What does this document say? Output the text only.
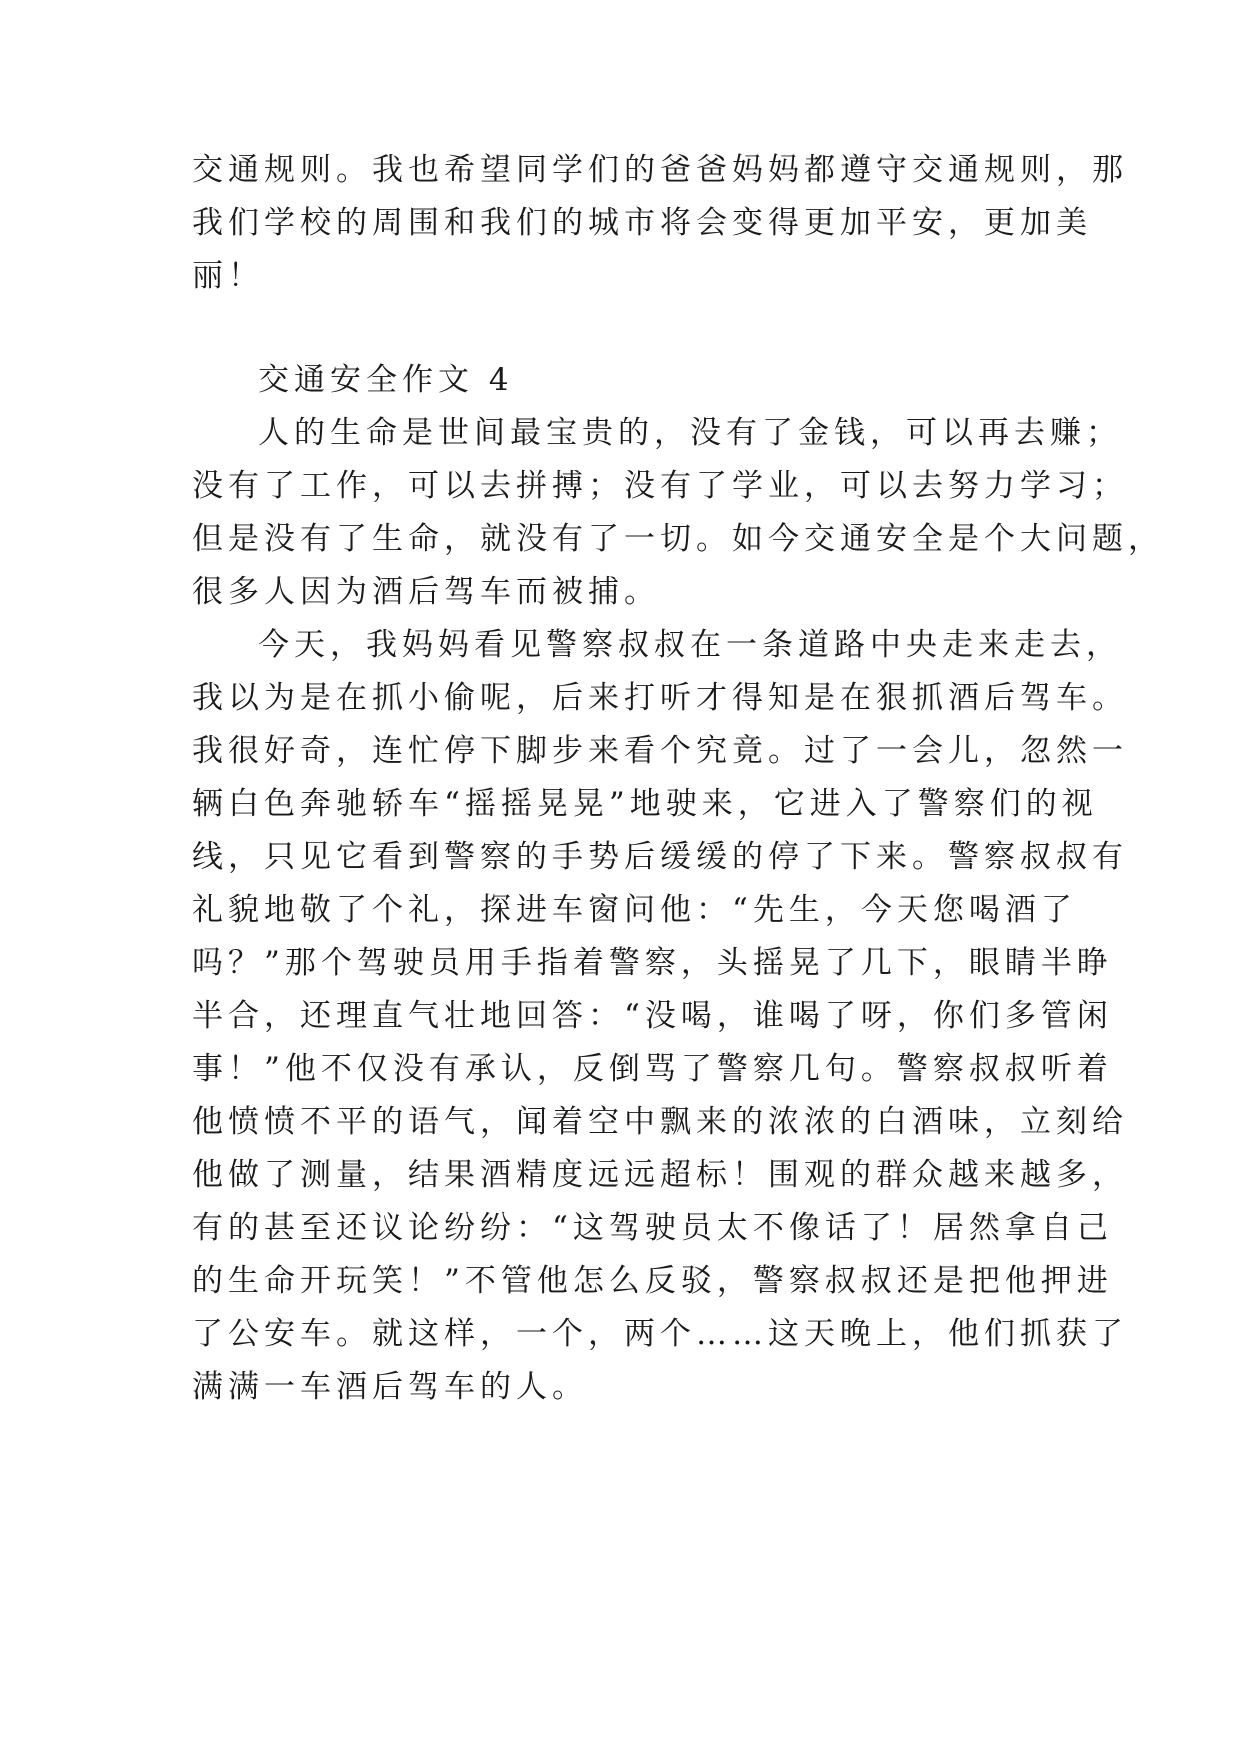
交通规则。我也希望同学们的爸爸妈妈都遵守交通规则，那

我们学校的周围和我们的城市将会变得更加平安，更加美

丽！

交通安全作文 4

人的生命是世间最宝贵的，没有了金钱，可以再去赚；

没有了工作，可以去拼搏；没有了学业，可以去努力学习；

但是没有了生命，就没有了一切。如今交通安全是个大问题，

很多人因为酒后驾车而被捕。

今天，我妈妈看见警察叔叔在一条道路中央走来走去，

我以为是在抓小偷呢，后来打听才得知是在狠抓酒后驾车。

我很好奇，连忙停下脚步来看个究竟。过了一会儿，忽然一

辆白色奔驰轿车“摇摇晃晃”地驶来，它进入了警察们的视

线，只见它看到警察的手势后缓缓的停了下来。警察叔叔有

礼貌地敬了个礼，探进车窗问他：“先生，今天您喝酒了

吗？”那个驾驶员用手指着警察，头摇晃了几下，眼睛半睁

半合，还理直气壮地回答：“没喝，谁喝了呀，你们多管闲

事！”他不仅没有承认，反倒骂了警察几句。警察叔叔听着

他愤愤不平的语气，闻着空中飘来的浓浓的白酒味，立刻给

他做了测量，结果酒精度远远超标！围观的群众越来越多，

有的甚至还议论纷纷：“这驾驶员太不像话了！居然拿自己

的生命开玩笑！”不管他怎么反驳，警察叔叔还是把他押进

了公安车。就这样，一个，两个……这天晚上，他们抓获了

满满一车酒后驾车的人。
